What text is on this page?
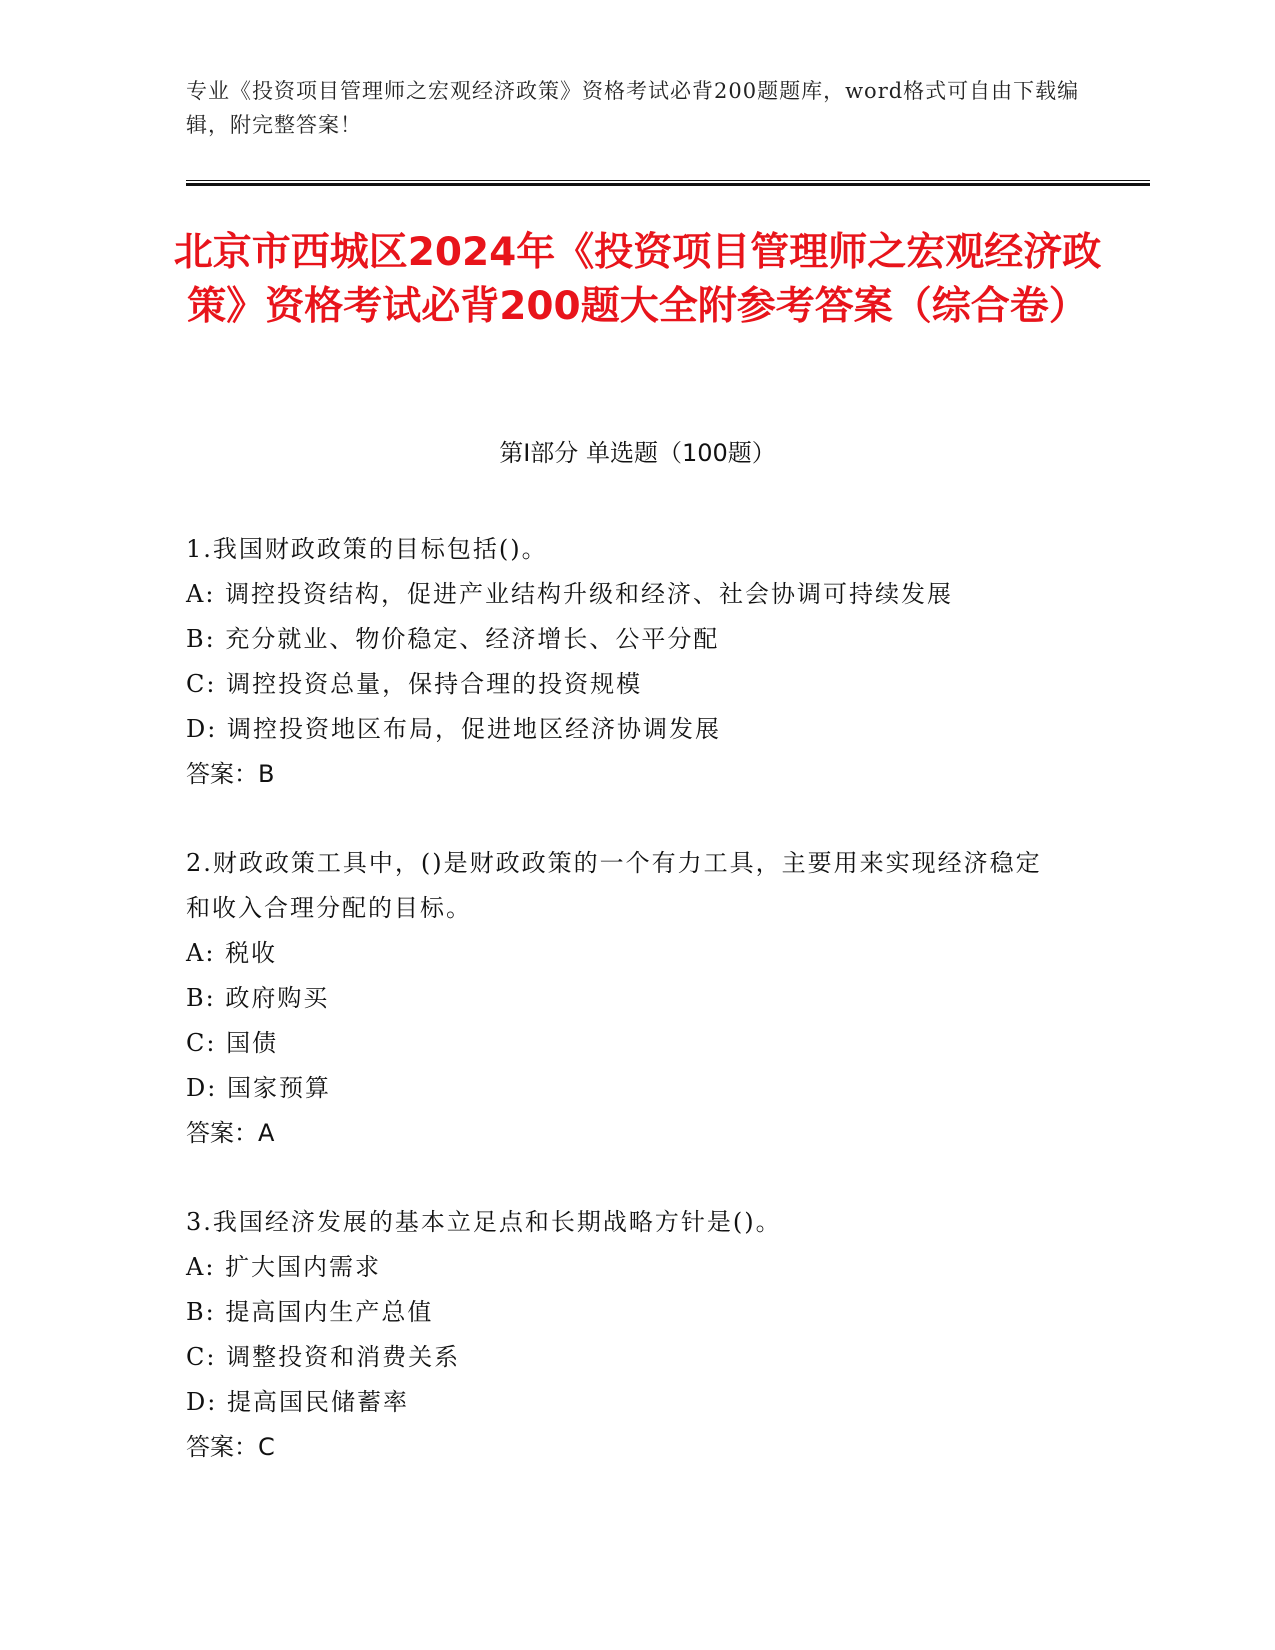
专业《投资项目管理师之宏观经济政策》资格考试必背200题题库，word格式可自由下载编辑，附完整答案！
北京市西城区2024年《投资项目管理师之宏观经济政策》资格考试必背200题大全附参考答案（综合卷）
第I部分 单选题（100题）
1.我国财政政策的目标包括()。
A: 调控投资结构，促进产业结构升级和经济、社会协调可持续发展
B: 充分就业、物价稳定、经济增长、公平分配
C: 调控投资总量，保持合理的投资规模
D: 调控投资地区布局，促进地区经济协调发展
答案：B
2.财政政策工具中，()是财政政策的一个有力工具，主要用来实现经济稳定和收入合理分配的目标。
A: 税收
B: 政府购买
C: 国债
D: 国家预算
答案：A
3.我国经济发展的基本立足点和长期战略方针是()。
A: 扩大国内需求
B: 提高国内生产总值
C: 调整投资和消费关系
D: 提高国民储蓄率
答案：C
